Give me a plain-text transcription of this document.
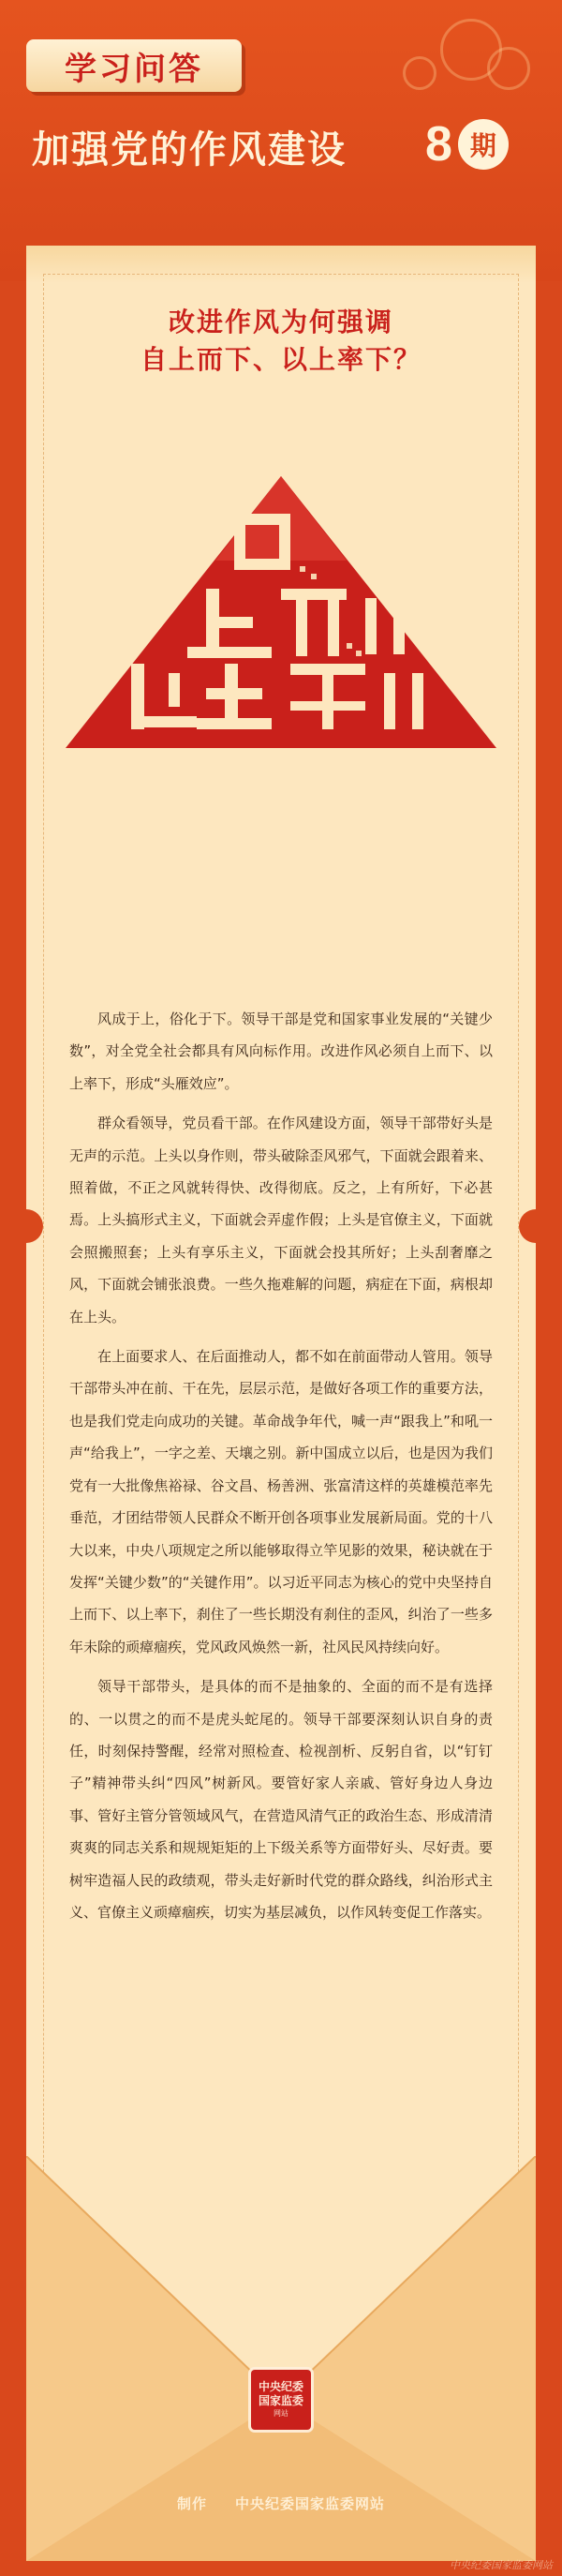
学习问答
加强党的作风建设 8 期
改进作风为何强调
自上而下、以上率下？

风成于上，俗化于下。领导干部是党和国家事业发展的“关键少数”，对全党全社会都具有风向标作用。改进作风必须自上而下、以上率下，形成“头雁效应”。

群众看领导，党员看干部。在作风建设方面，领导干部带好头是无声的示范。上头以身作则，带头破除歪风邪气，下面就会跟着来、照着做，不正之风就转得快、改得彻底。反之，上有所好，下必甚焉。上头搞形式主义，下面就会弄虚作假；上头是官僚主义，下面就会照搬照套；上头有享乐主义，下面就会投其所好；上头刮奢靡之风，下面就会铺张浪费。一些久拖难解的问题，病症在下面，病根却在上头。

在上面要求人、在后面推动人，都不如在前面带动人管用。领导干部带头冲在前、干在先，层层示范，是做好各项工作的重要方法，也是我们党走向成功的关键。革命战争年代，喊一声“跟我上”和吼一声“给我上”，一字之差、天壤之别。新中国成立以后，也是因为我们党有一大批像焦裕禄、谷文昌、杨善洲、张富清这样的英雄模范率先垂范，才团结带领人民群众不断开创各项事业发展新局面。党的十八大以来，中央八项规定之所以能够取得立竿见影的效果，秘诀就在于发挥“关键少数”的“关键作用”。以习近平同志为核心的党中央坚持自上而下、以上率下，刹住了一些长期没有刹住的歪风，纠治了一些多年未除的顽瘴痼疾，党风政风焕然一新，社风民风持续向好。

领导干部带头，是具体的而不是抽象的、全面的而不是有选择的、一以贯之的而不是虎头蛇尾的。领导干部要深刻认识自身的责任，时刻保持警醒，经常对照检查、检视剖析、反躬自省，以“钉钉子”精神带头纠“四风”树新风。要管好家人亲戚、管好身边人身边事、管好主管分管领域风气，在营造风清气正的政治生态、形成清清爽爽的同志关系和规规矩矩的上下级关系等方面带好头、尽好责。要树牢造福人民的政绩观，带头走好新时代党的群众路线，纠治形式主义、官僚主义顽瘴痼疾，切实为基层减负，以作风转变促工作落实。

中央纪委
国家监委
网站
制作 中央纪委国家监委网站
中央纪委国家监委网站
